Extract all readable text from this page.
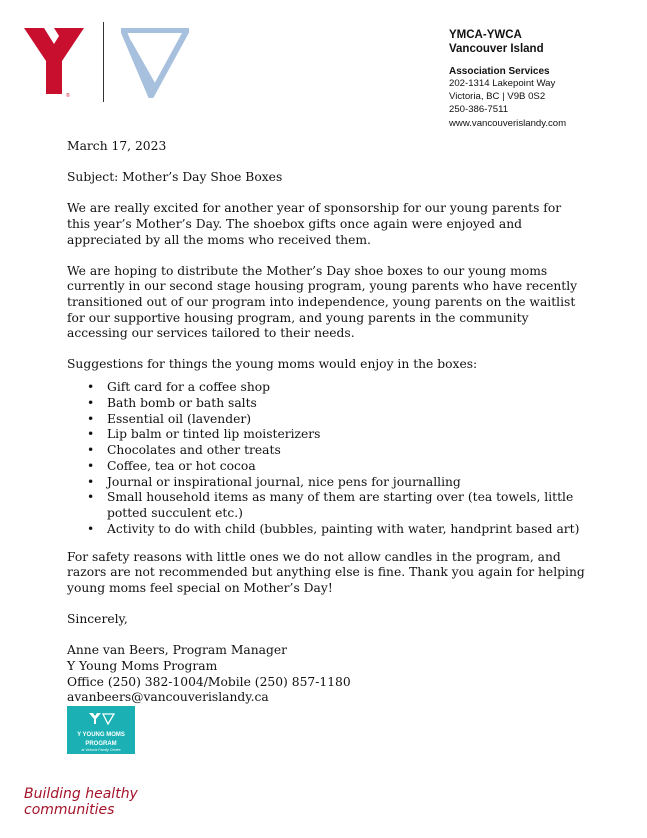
®
YMCA-YWCA
Vancouver Island
Association Services
202-1314 Lakepoint Way
Victoria, BC | V9B 0S2
250-386-7511
www.vancouverislandy.com

March 17, 2023

Subject: Mother’s Day Shoe Boxes

We are really excited for another year of sponsorship for our young parents for this year’s Mother’s Day. The shoebox gifts once again were enjoyed and appreciated by all the moms who received them.

We are hoping to distribute the Mother’s Day shoe boxes to our young moms currently in our second stage housing program, young parents who have recently transitioned out of our program into independence, young parents on the waitlist for our supportive housing program, and young parents in the community accessing our services tailored to their needs.

Suggestions for things the young moms would enjoy in the boxes:

• Gift card for a coffee shop
• Bath bomb or bath salts
• Essential oil (lavender)
• Lip balm or tinted lip moisterizers
• Chocolates and other treats
• Coffee, tea or hot cocoa
• Journal or inspirational journal, nice pens for journalling
• Small household items as many of them are starting over (tea towels, little potted succulent etc.)
• Activity to do with child (bubbles, painting with water, handprint based art)

For safety reasons with little ones we do not allow candles in the program, and razors are not recommended but anything else is fine. Thank you again for helping young moms feel special on Mother’s Day!

Sincerely,

Anne van Beers, Program Manager

Y Young Moms Program

Office (250) 382-1004/Mobile (250) 857-1180

avanbeers@vancouverislandy.ca

Y YOUNG MOMS
PROGRAM
at Victoria Family Centre
Building healthy
communities
